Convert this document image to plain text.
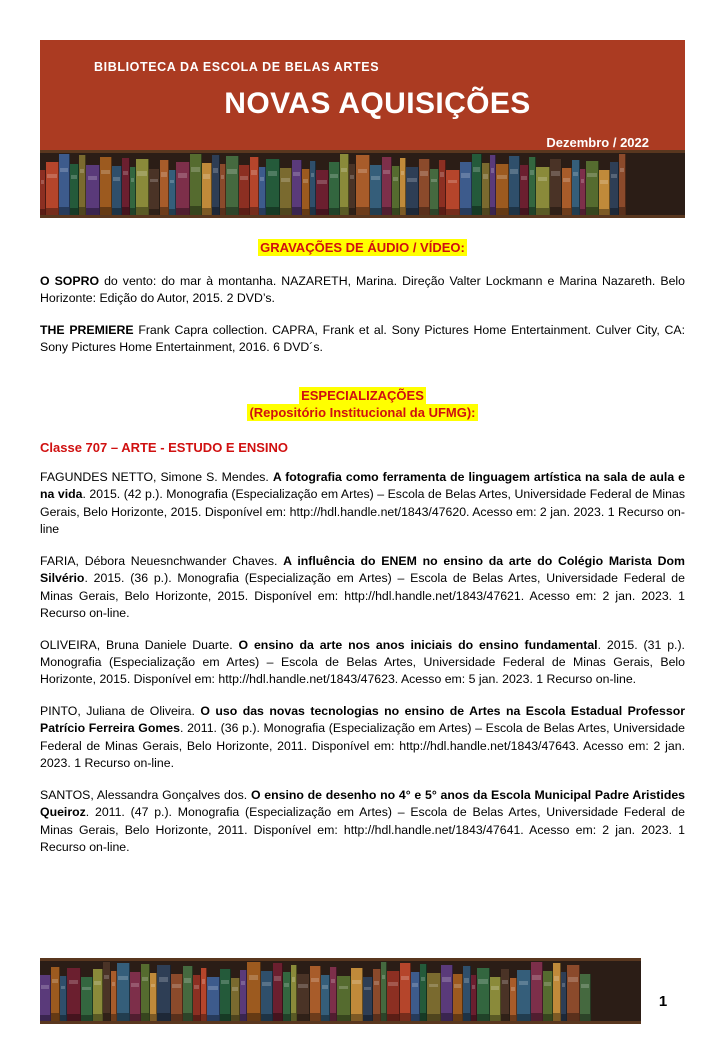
BIBLIOTECA DA ESCOLA DE BELAS ARTES
NOVAS AQUISIÇÕES
Dezembro / 2022
GRAVAÇÕES DE ÁUDIO / VÍDEO:

O SOPRO do vento: do mar à montanha. NAZARETH, Marina. Direção Valter Lockmann e Marina Nazareth. Belo Horizonte: Edição do Autor, 2015. 2 DVD’s.

THE PREMIERE Frank Capra collection. CAPRA, Frank et al. Sony Pictures Home Entertainment. Culver City, CA: Sony Pictures Home Entertainment, 2016. 6 DVD´s.

ESPECIALIZAÇÕES
(Repositório Institucional da UFMG):
Classe 707 – ARTE - ESTUDO E ENSINO

FAGUNDES NETTO, Simone S. Mendes. A fotografia como ferramenta de linguagem artística na sala de aula e na vida. 2015. (42 p.). Monografia (Especialização em Artes) – Escola de Belas Artes, Universidade Federal de Minas Gerais, Belo Horizonte, 2015. Disponível em: http://hdl.handle.net/1843/47620. Acesso em: 2 jan. 2023. 1 Recurso on-line

FARIA, Débora Neuesnchwander Chaves. A influência do ENEM no ensino da arte do Colégio Marista Dom Silvério. 2015. (36 p.). Monografia (Especialização em Artes) – Escola de Belas Artes, Universidade Federal de Minas Gerais, Belo Horizonte, 2015. Disponível em: http://hdl.handle.net/1843/47621. Acesso em: 2 jan. 2023. 1 Recurso on-line.

OLIVEIRA, Bruna Daniele Duarte. O ensino da arte nos anos iniciais do ensino fundamental. 2015. (31 p.). Monografia (Especialização em Artes) – Escola de Belas Artes, Universidade Federal de Minas Gerais, Belo Horizonte, 2015. Disponível em: http://hdl.handle.net/1843/47623. Acesso em: 5 jan. 2023. 1 Recurso on-line.

PINTO, Juliana de Oliveira. O uso das novas tecnologias no ensino de Artes na Escola Estadual Professor Patrício Ferreira Gomes. 2011. (36 p.). Monografia (Especialização em Artes) – Escola de Belas Artes, Universidade Federal de Minas Gerais, Belo Horizonte, 2011. Disponível em: http://hdl.handle.net/1843/47643. Acesso em: 2 jan. 2023. 1 Recurso on-line.

SANTOS, Alessandra Gonçalves dos. O ensino de desenho no 4° e 5° anos da Escola Municipal Padre Aristides Queiroz. 2011. (47 p.). Monografia (Especialização em Artes) – Escola de Belas Artes, Universidade Federal de Minas Gerais, Belo Horizonte, 2011. Disponível em: http://hdl.handle.net/1843/47641. Acesso em: 2 jan. 2023. 1 Recurso on-line.

1
